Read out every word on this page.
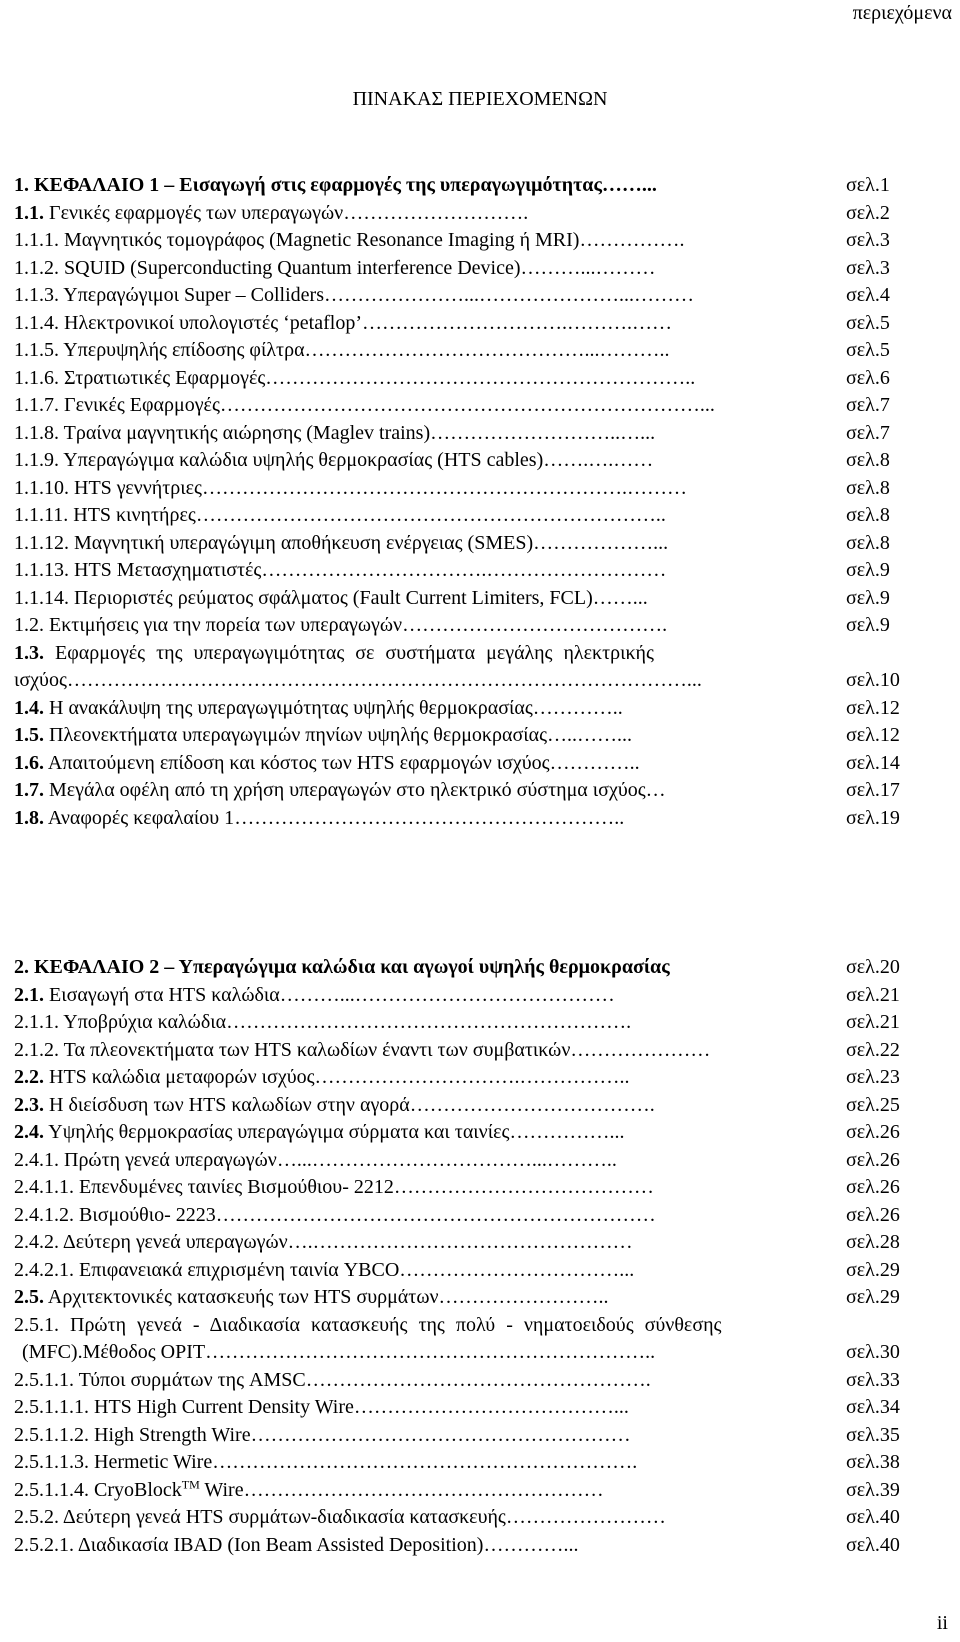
περιεχόμενα
ΠΙΝΑΚΑΣ ΠΕΡΙΕΧΟΜΕΝΩΝ
1. ΚΕΦΑΛΑΙΟ 1 – Εισαγωγή στις εφαρμογές της υπεραγωγιμότητας……...	σελ.1
1.1. Γενικές εφαρμογές των υπεραγωγών……………………….	σελ.2
1.1.1. Μαγνητικός τομογράφος (Magnetic Resonance Imaging ή MRI)…………….	σελ.3
1.1.2. SQUID (Superconducting Quantum interference Device)………...………	σελ.3
1.1.3. Υπεραγώγιμοι Super – Colliders…………………...…………………...………	σελ.4
1.1.4. Ηλεκτρονικοί υπολογιστές ‘petaflop’………………………….……….……	σελ.5
1.1.5. Υπερυψηλής επίδοσης φίλτρα……………………………………...………..	σελ.5
1.1.6. Στρατιωτικές Εφαρμογές………………………………………………………..	σελ.6
1.1.7. Γενικές Εφαρμογές………………………………………………………………...	σελ.7
1.1.8. Τραίνα μαγνητικής αιώρησης (Maglev trains)………………………..…...	σελ.7
1.1.9. Υπεραγώγιμα καλώδια υψηλής θερμοκρασίας (HTS cables)…….….……	σελ.8
1.1.10. HTS γεννήτριες……………………………………………………….………	σελ.8
1.1.11. HTS κινητήρες……………………………………………………………..	σελ.8
1.1.12. Μαγνητική υπεραγώγιμη αποθήκευση ενέργειας (SMES)………………...	σελ.8
1.1.13. HTS Μετασχηματιστές…………………………….………………………	σελ.9
1.1.14. Περιοριστές ρεύματος σφάλματος (Fault Current Limiters, FCL)……...	σελ.9
1.2. Εκτιμήσεις για την πορεία των υπεραγωγών………………………………….	σελ.9
1.3. Εφαρμογές της υπεραγωγιμότητας σε συστήματα μεγάλης ηλεκτρικής
ισχύος…………………………………………………………………………………...	σελ.10
1.4. Η ανακάλυψη της υπεραγωγιμότητας υψηλής θερμοκρασίας…………..	σελ.12
1.5. Πλεονεκτήματα υπεραγωγιμών πηνίων υψηλής θερμοκρασίας…..……...	σελ.12
1.6. Απαιτούμενη επίδοση και κόστος των HTS εφαρμογών ισχύος…………..	σελ.14
1.7. Μεγάλα οφέλη από τη χρήση υπεραγωγών στο ηλεκτρικό σύστημα ισχύος…	σελ.17
1.8. Αναφορές κεφαλαίου 1…………………………………………………..	σελ.19
2. ΚΕΦΑΛΑΙΟ 2 – Υπεραγώγιμα καλώδια και αγωγοί υψηλής θερμοκρασίας	σελ.20
2.1. Εισαγωγή στα HTS καλώδια………...…………………………………	σελ.21
2.1.1. Υποβρύχια καλώδια…………………………………………………….	σελ.21
2.1.2. Τα πλεονεκτήματα των HTS καλωδίων έναντι των συμβατικών…………………	σελ.22
2.2. HTS καλώδια μεταφορών ισχύος………………………….……………..	σελ.23
2.3. Η διείσδυση των HTS καλωδίων στην αγορά……………………………….	σελ.25
2.4. Υψηλής θερμοκρασίας υπεραγώγιμα σύρματα και ταινίες……………...	σελ.26
2.4.1. Πρώτη γενεά υπεραγωγών…...……………………………...………..	σελ.26
2.4.1.1. Επενδυμένες ταινίες Βισμούθιου- 2212…………………………………	σελ.26
2.4.1.2. Βισμούθιο- 2223…………………………………………………………	σελ.26
2.4.2. Δεύτερη γενεά υπεραγωγών….…………………………………………	σελ.28
2.4.2.1. Επιφανειακά επιχρισμένη ταινία YBCO……………………………...	σελ.29
2.5. Αρχιτεκτονικές κατασκευής των HTS συρμάτων……………………..	σελ.29
2.5.1. Πρώτη γενεά - Διαδικασία κατασκευής της πολύ - νηματοειδούς σύνθεσης
(MFC).Μέθοδος OPIT…………………………………………………………..	σελ.30
2.5.1.1. Τύποι συρμάτων της AMSC…………………………………………….	σελ.33
2.5.1.1.1. HTS High Current Density Wire…………………………………...	σελ.34
2.5.1.1.2. High Strength Wire…………………………………………………	σελ.35
2.5.1.1.3. Hermetic Wire……………………………………………………….	σελ.38
2.5.1.1.4. CryoBlock™ Wire………………………………………………	σελ.39
2.5.2. Δεύτερη γενεά HTS συρμάτων-διαδικασία κατασκευής……………………	σελ.40
2.5.2.1. Διαδικασία IBAD (Ion Beam Assisted Deposition)…………...	σελ.40
ii
